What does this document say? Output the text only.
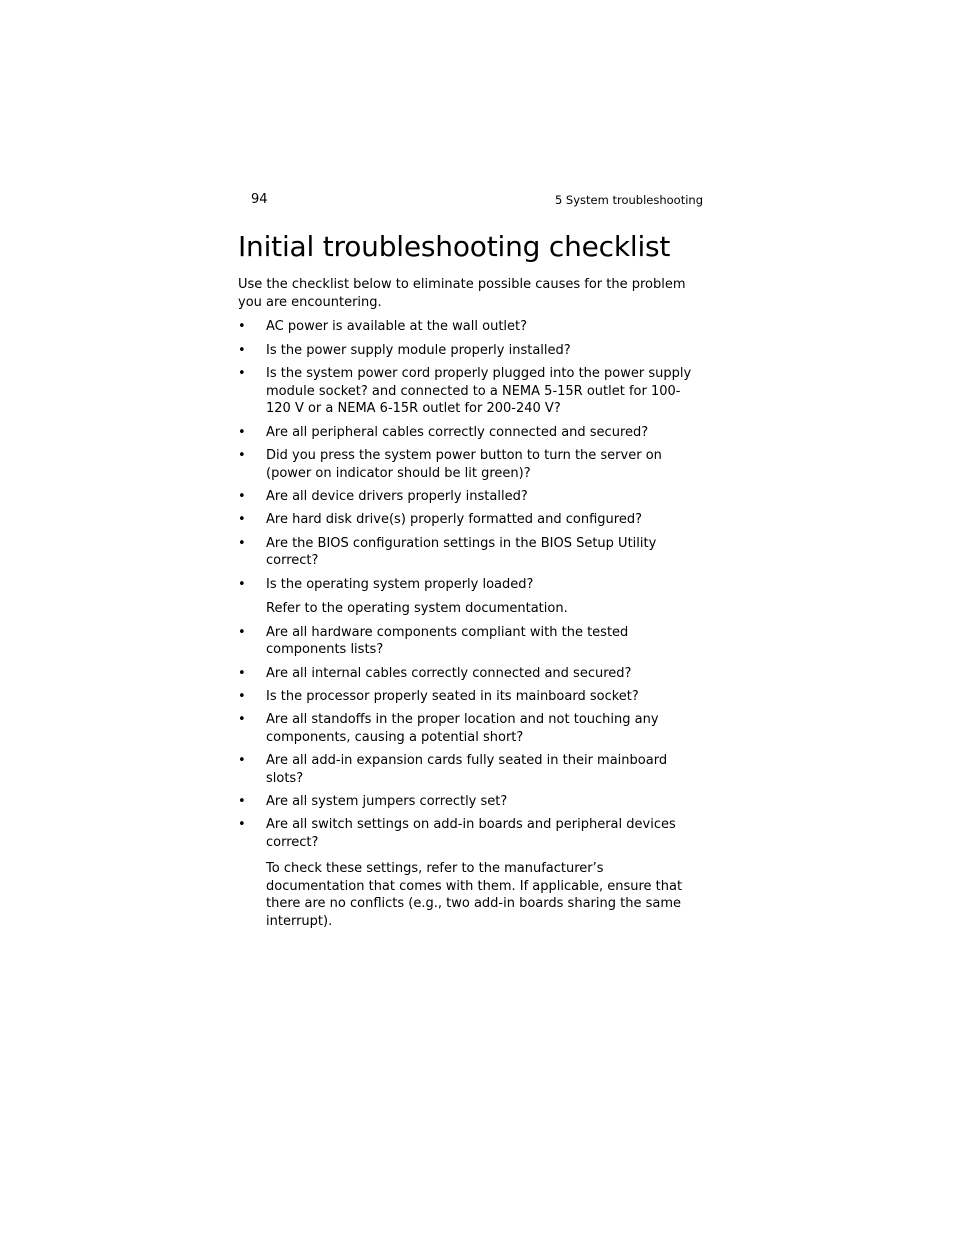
94	5 System troubleshooting
Initial troubleshooting checklist

Use the checklist below to eliminate possible causes for the problem you are encountering.

• AC power is available at the wall outlet?
• Is the power supply module properly installed?
• Is the system power cord properly plugged into the power supply module socket? and connected to a NEMA 5-15R outlet for 100-120 V or a NEMA 6-15R outlet for 200-240 V?
• Are all peripheral cables correctly connected and secured?
• Did you press the system power button to turn the server on (power on indicator should be lit green)?
• Are all device drivers properly installed?
• Are hard disk drive(s) properly formatted and configured?
• Are the BIOS configuration settings in the BIOS Setup Utility correct?
• Is the operating system properly loaded?
Refer to the operating system documentation.
• Are all hardware components compliant with the tested components lists?
• Are all internal cables correctly connected and secured?
• Is the processor properly seated in its mainboard socket?
• Are all standoffs in the proper location and not touching any components, causing a potential short?
• Are all add-in expansion cards fully seated in their mainboard slots?
• Are all system jumpers correctly set?
• Are all switch settings on add-in boards and peripheral devices correct?
To check these settings, refer to the manufacturer’s documentation that comes with them. If applicable, ensure that there are no conflicts (e.g., two add-in boards sharing the same interrupt).
